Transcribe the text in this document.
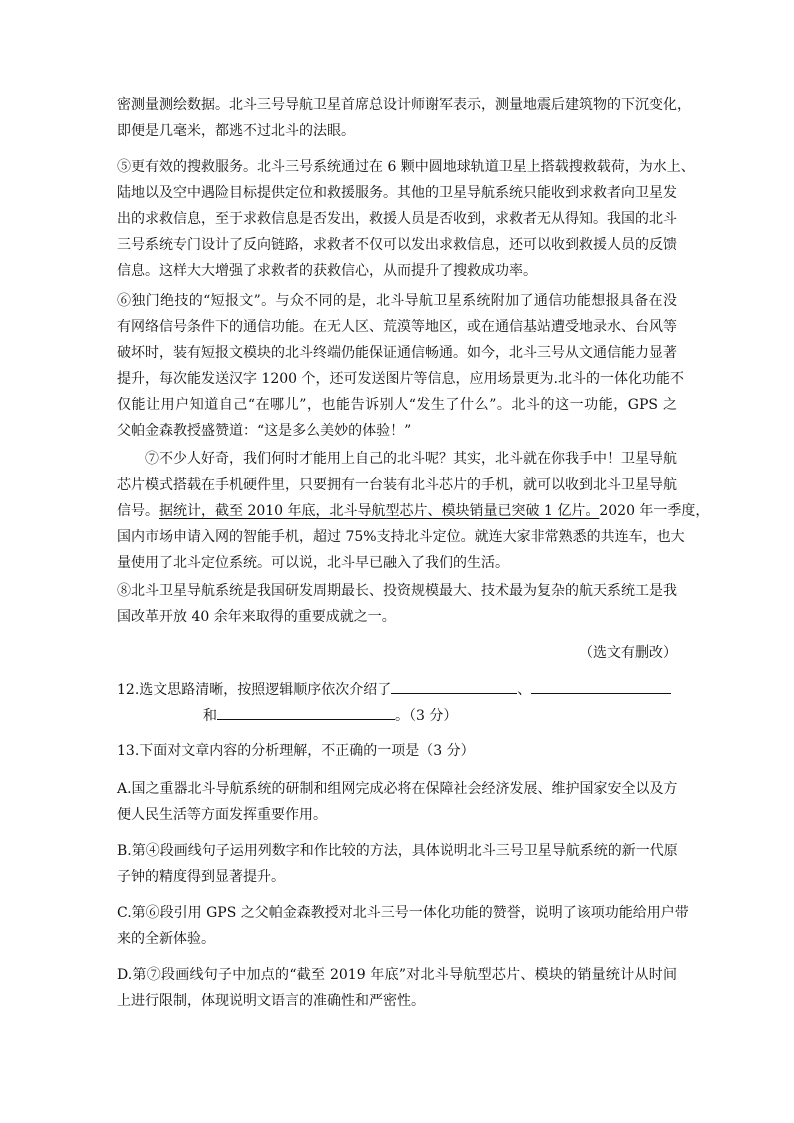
密测量测绘数据。北斗三号导航卫星首席总设计师谢军表示，测量地震后建筑物的下沉变化，
即便是几毫米，都逃不过北斗的法眼。
⑤更有效的搜救服务。北斗三号系统通过在 6 颗中圆地球轨道卫星上搭载搜救载荷，为水上、
陆地以及空中遇险目标提供定位和救援服务。其他的卫星导航系统只能收到求救者向卫星发
出的求救信息，至于求救信息是否发出，救援人员是否收到，求救者无从得知。我国的北斗
三号系统专门设计了反向链路，求救者不仅可以发出求救信息，还可以收到救援人员的反馈
信息。这样大大增强了求救者的获救信心，从而提升了搜救成功率。
⑥独门绝技的“短报文”。与众不同的是，北斗导航卫星系统附加了通信功能想报具备在没
有网络信号条件下的通信功能。在无人区、荒漠等地区，或在通信基站遭受地录水、台风等
破坏时，装有短报文模块的北斗终端仍能保证通信畅通。如今，北斗三号从文通信能力显著
提升，每次能发送汉字 1200 个，还可发送图片等信息，应用场景更为.北斗的一体化功能不
仅能让用户知道自己“在哪儿”，也能告诉别人“发生了什么”。北斗的这一功能，GPS 之
父帕金森教授盛赞道：“这是多么美妙的体验！”
⑦不少人好奇，我们何时才能用上自己的北斗呢？其实，北斗就在你我手中！卫星导航
芯片模式搭载在手机硬件里，只要拥有一台装有北斗芯片的手机，就可以收到北斗卫星导航
信号。据统计，截至 2010 年底，北斗导航型芯片、模块销量已突破 1 亿片。2020 年一季度，
国内市场申请入网的智能手机，超过 75%支持北斗定位。就连大家非常熟悉的共连车，也大
量使用了北斗定位系统。可以说，北斗早已融入了我们的生活。
⑧北斗卫星导航系统是我国研发周期最长、投资规模最大、技术最为复杂的航天系统工是我
国改革开放 40 余年来取得的重要成就之一。
（选文有删改）
12.选文思路清晰，按照逻辑顺序依次介绍了	、
和	。（3 分）
13.下面对文章内容的分析理解，不正确的一项是（3 分）
A.国之重器北斗导航系统的研制和组网完成必将在保障社会经济发展、维护国家安全以及方
便人民生活等方面发挥重要作用。
B.第④段画线句子运用列数字和作比较的方法，具体说明北斗三号卫星导航系统的新一代原
子钟的精度得到显著提升。
C.第⑥段引用 GPS 之父帕金森教授对北斗三号一体化功能的赞誉，说明了该项功能给用户带
来的全新体验。
D.第⑦段画线句子中加点的“截至 2019 年底”对北斗导航型芯片、模块的销量统计从时间
上进行限制，体现说明文语言的准确性和严密性。
